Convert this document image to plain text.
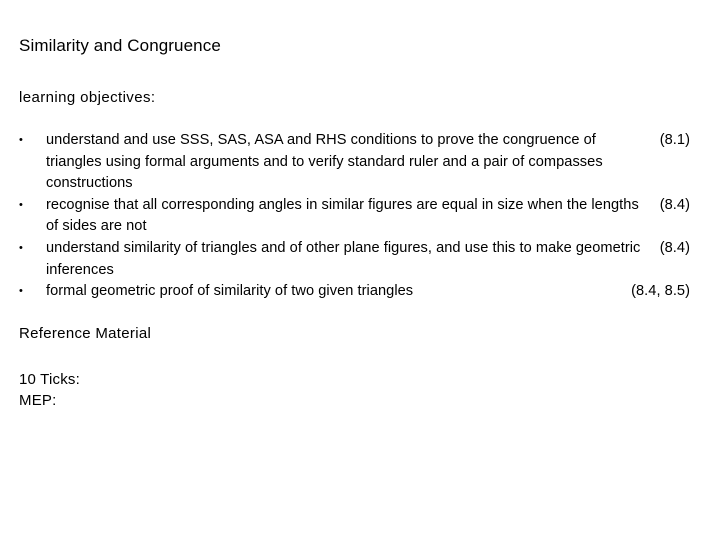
Similarity and Congruence
learning objectives:
•	(8.1)
understand and use SSS, SAS, ASA and RHS conditions to prove the congruence of triangles using formal arguments and to verify standard ruler and a pair of compasses constructions
•	(8.4)
recognise that all corresponding angles in similar figures are equal in size when the lengths of sides are not
•	(8.4)
understand similarity of triangles and of other plane figures, and use this to make geometric inferences
•	(8.4, 8.5)
formal geometric proof of similarity of two given triangles
Reference Material
10 Ticks:
MEP:
